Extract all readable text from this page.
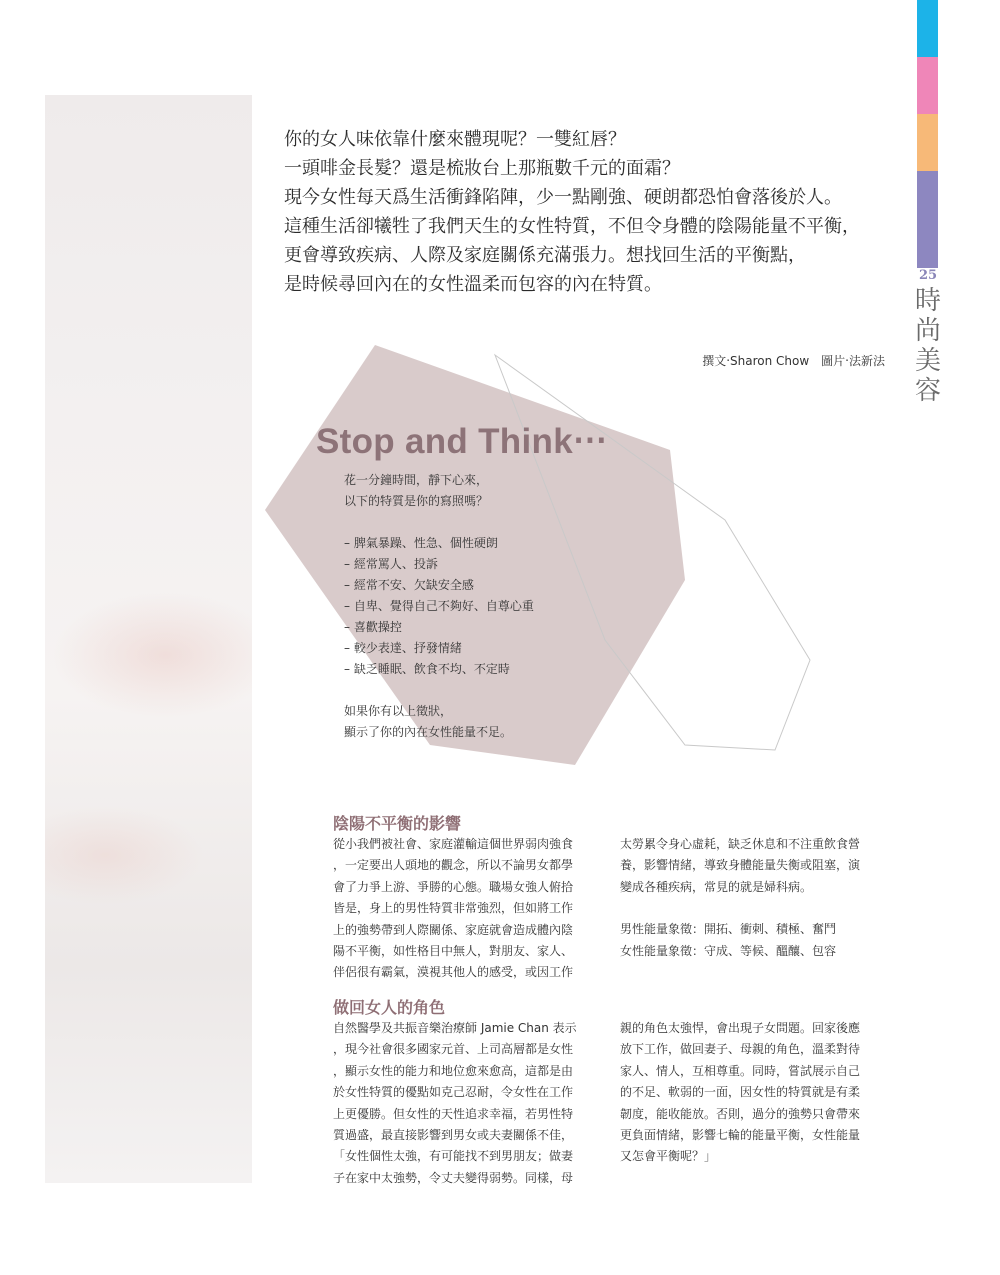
25
時
尚
美
容

你的女人味依靠什麼來體現呢？一雙紅唇？

一頭啡金長髮？還是梳妝台上那瓶數千元的面霜？

現今女性每天爲生活衝鋒陷陣，少一點剛強、硬朗都恐怕會落後於人。

這種生活卻犧牲了我們天生的女性特質，不但令身體的陰陽能量不平衡，

更會導致疾病、人際及家庭關係充滿張力。想找回生活的平衡點，

是時候尋回內在的女性溫柔而包容的內在特質。

撰文‧Sharon Chow　圖片‧法新法
Stop and Think‧‧‧

花一分鐘時間，靜下心來，

以下的特質是你的寫照嗎？

– 脾氣暴躁、性急、個性硬朗
– 經常罵人、投訴
– 經常不安、欠缺安全感
– 自卑、覺得自己不夠好、自尊心重
– 喜歡操控
– 較少表達、抒發情緒
– 缺乏睡眠、飲食不均、不定時

如果你有以上徵狀，

顯示了你的內在女性能量不足。

陰陽不平衡的影響

從小我們被社會、家庭灌輸這個世界弱肉強食

，一定要出人頭地的觀念，所以不論男女都學

會了力爭上游、爭勝的心態。職場女強人俯拾

皆是，身上的男性特質非常強烈，但如將工作

上的強勢帶到人際關係、家庭就會造成體內陰

陽不平衡，如性格目中無人，對朋友、家人、

伴侶很有霸氣，漠視其他人的感受，或因工作

太勞累令身心虛耗，缺乏休息和不注重飲食營

養，影響情緒，導致身體能量失衡或阻塞，演

變成各種疾病，常見的就是婦科病。

男性能量象徵：開拓、衝刺、積極、奮鬥

女性能量象徵：守成、等候、醞釀、包容

做回女人的角色

自然醫學及共振音樂治療師 Jamie Chan 表示

，現今社會很多國家元首、上司高層都是女性

，顯示女性的能力和地位愈來愈高，這都是由

於女性特質的優點如克己忍耐，令女性在工作

上更優勝。但女性的天性追求幸福，若男性特

質過盛，最直接影響到男女或夫妻關係不佳，

「女性個性太強，有可能找不到男朋友；做妻

子在家中太強勢，令丈夫變得弱勢。同樣，母

親的角色太強悍，會出現子女問題。回家後應

放下工作，做回妻子、母親的角色，溫柔對待

家人、情人，互相尊重。同時，嘗試展示自己

的不足、軟弱的一面，因女性的特質就是有柔

韌度，能收能放。否則，過分的強勢只會帶來

更負面情緒，影響七輪的能量平衡，女性能量

又怎會平衡呢？」
